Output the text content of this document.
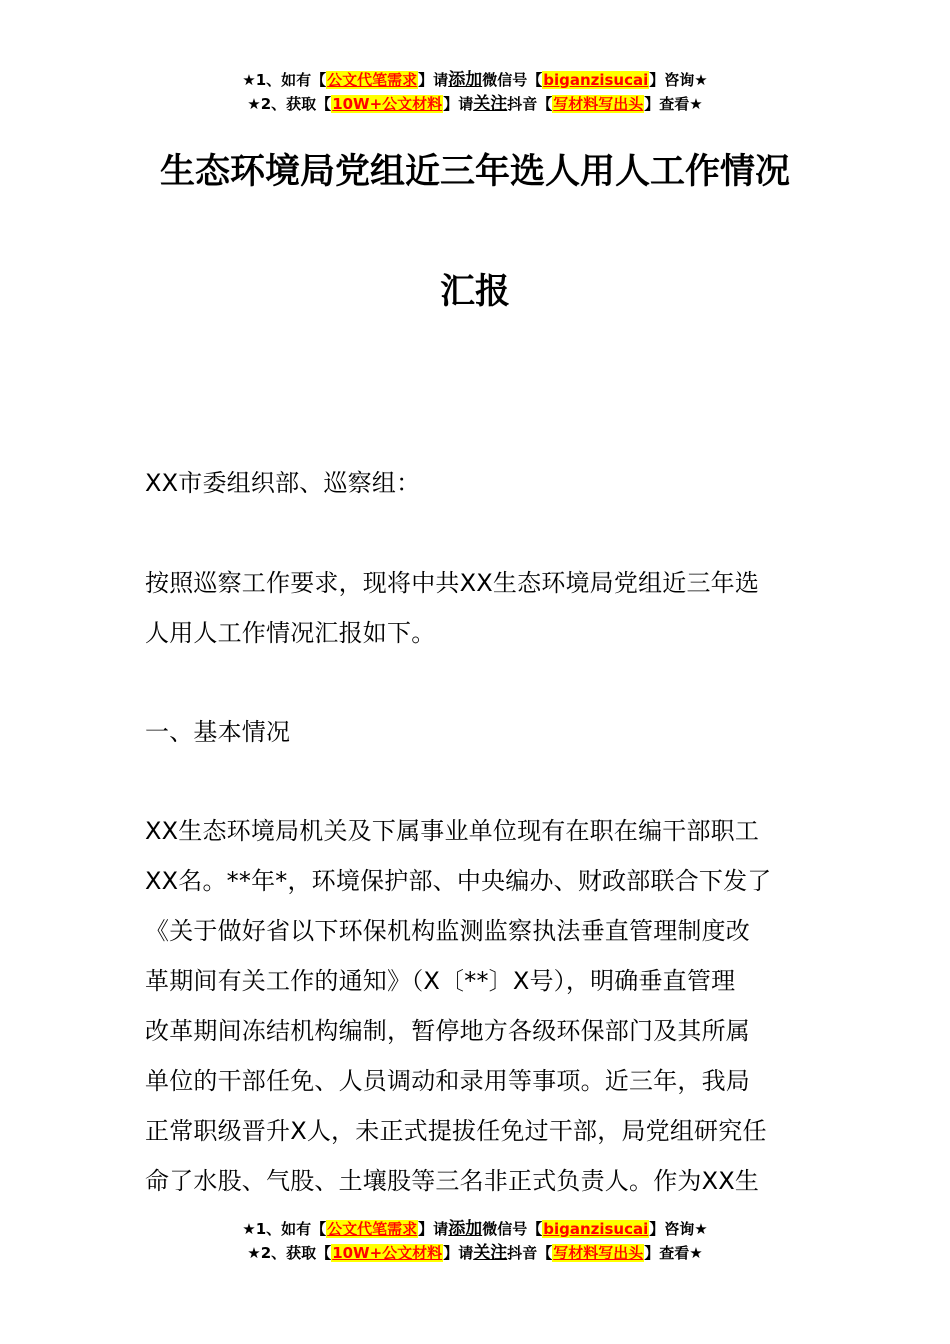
★1、如有【公文代笔需求】请添加微信号【biganzisucai】咨询★
★2、获取【10W+公文材料】请关注抖音【写材料写出头】查看★
生态环境局党组近三年选人用人工作情况
汇报

XX市委组织部、巡察组：

按照巡察工作要求，现将中共XX生态环境局党组近三年选
人用人工作情况汇报如下。

一、基本情况

XX生态环境局机关及下属事业单位现有在职在编干部职工
XX名。**年*，环境保护部、中央编办、财政部联合下发了
《关于做好省以下环保机构监测监察执法垂直管理制度改
革期间有关工作的通知》（X〔**〕X号），明确垂直管理
改革期间冻结机构编制，暂停地方各级环保部门及其所属
单位的干部任免、人员调动和录用等事项。近三年，我局
正常职级晋升X人，未正式提拔任免过干部，局党组研究任
命了水股、气股、土壤股等三名非正式负责人。作为XX生

★1、如有【公文代笔需求】请添加微信号【biganzisucai】咨询★
★2、获取【10W+公文材料】请关注抖音【写材料写出头】查看★
